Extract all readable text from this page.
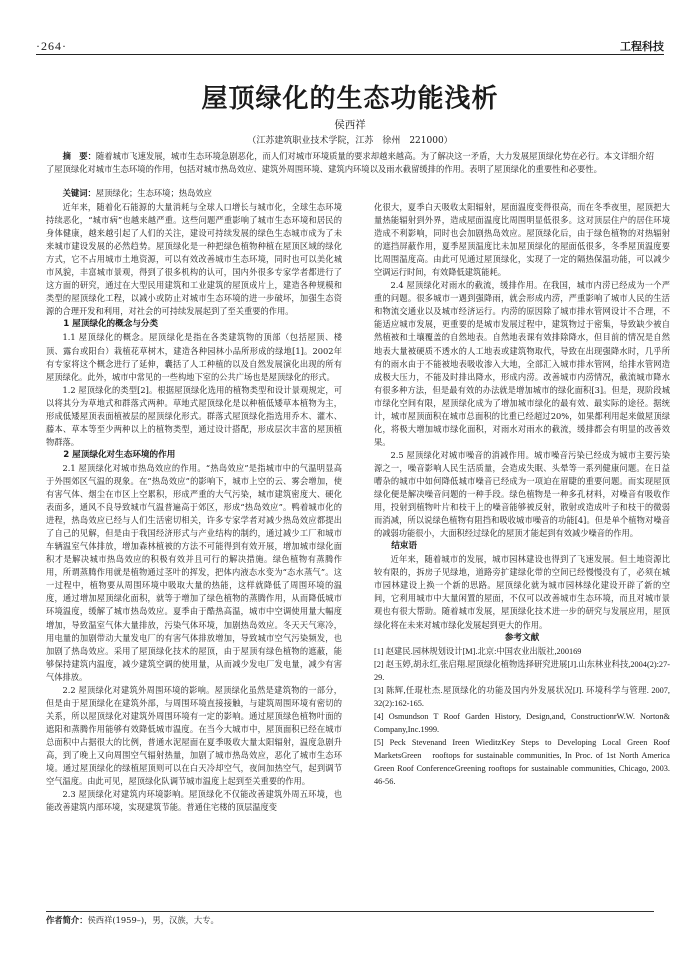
·264·	工程科技
屋顶绿化的生态功能浅析
侯西祥
（江苏建筑职业技术学院，江苏　徐州　221000）
摘　要：随着城市飞速发展，城市生态环境急剧恶化，而人们对城市环境质量的要求却越来越高。为了解决这一矛盾，大力发展屋顶绿化势在必行。本文详细介绍了屋顶绿化对城市生态环境的作用，包括对城市热岛效应、建筑外周围环境、建筑内环境以及雨水截留缓排的作用。表明了屋顶绿化的重要性和必要性。
关键词：屋顶绿化；生态环境；热岛效应

近年来，随着化石能源的大量消耗与全球人口增长与城市化，全球生态环境持续恶化，“城市病”也越来越严重。这些问题严重影响了城市生态环境和居民的身体健康，越来越引起了人们的关注，建设可持续发展的绿色生态城市成为了未来城市建设发展的必然趋势。屋顶绿化是一种把绿色植物种植在屋顶区域的绿化方式，它不占用城市土地资源，可以有效改善城市生态环境，同时也可以美化城市风貌，丰富城市景观，得到了很多机构的认可，国内外很多专家学者都进行了这方面的研究，通过在大型民用建筑和工业建筑的屋顶成片上，建造各种规模和类型的屋顶绿化工程，以减小或防止对城市生态环境的进一步破坏，加强生态资源的合理开发和利用，对社会的可持续发展起到了至关重要的作用。

1 屋顶绿化的概念与分类

1.1 屋顶绿化的概念。屋顶绿化是指在各类建筑物的顶部（包括屋顶、楼顶、露台或阳台）栽植花草树木，建造各种园林小品所形成的绿地[1]。2002年有专家将这个概念进行了延伸，囊括了人工种植的以及自然发展演化出现的所有屋顶绿化。此外，城市中常见的一些构地下室的公共广场也是屋顶绿化的形式。

1.2 屋顶绿化的类型[2]。根据屋顶绿化选用的植物类型和设计景观规定，可以将其分为草地式和群落式两种。草地式屋顶绿化是以种植低矮草本植物为主，形成低矮屋顶表面植被层的屋顶绿化形式。群落式屋顶绿化指选用乔木、灌木、藤本、草本等至少两种以上的植物类型，通过设计搭配，形成层次丰富的屋顶植物群落。

2 屋顶绿化对生态环境的作用

2.1 屋顶绿化对城市热岛效应的作用。“热岛效应”是指城市中的气温明显高于外围郊区气温的现象。在“热岛效应”的影响下，城市上空的云、雾会增加，使有害气体、烟尘在市区上空累积，形成严重的大气污染，城市建筑密度大、硬化表面多，通风不良导致城市气温普遍高于郊区，形成“热岛效应”。鸭着城市化的进程，热岛效应已经与人们生活密切相关，许多专家学者对减少热岛效应都提出了自己的见解，但是由于我国经济形式与产业结构的制约，通过减少工厂和城市车辆温室气体排放，增加森林植被的方法不可能得到有效开展，增加城市绿化面积才是解决城市热岛效应的积极有效并且可行的解决措施。绿色植物有蒸腾作用，所谓蒸腾作用就是植物通过茎叶的挥发，把体内液态水变为“态水蒸气”。这一过程中，植物要从周围环境中吸取大量的热能，这样就降低了周围环境的温度，通过增加屋顶绿化面积，就等于增加了绿色植物的蒸腾作用，从而降低城市环境温度，缓解了城市热岛效应。夏季由于酷热高温，城市中空调使用量大幅度增加，导致温室气体大量排放，污染气体环境，加剧热岛效应。冬天天气寒冷，用电量的加剧带动大量发电厂的有害气体排放增加，导致城市空气污染频发，也加剧了热岛效应。采用了屋顶绿化技术的屋顶，由于屋顶有绿色植物的遮蔽，能够保持建筑内温度，减少建筑空调的使用量，从而减少发电厂发电量，减少有害气体排放。

2.2 屋顶绿化对建筑外周围环境的影响。屋顶绿化虽然是建筑物的一部分，但是由于屋顶绿化在建筑外部，与周围环境直接接触，与建筑周围环境有密切的关系，所以屋顶绿化对建筑外周围环境有一定的影响。通过屋顶绿色植物叶面的遮阳和蒸腾作用能够有效降低城市温度。在当今大城市中，屋顶面积已经在城市总面积中占据很大的比例，普通水泥屋面在夏季吸收大量太阳辐射，温度急剧升高，到了晚上又向周围空气辐射热量，加剧了城市热岛效应，恶化了城市生态环境。通过屋顶绿化的绿植屋顶则可以在白天冷却空气，夜间加热空气，起到调节空气温度。由此可见，屋顶绿化队调节城市温度上起到至关重要的作用。

2.3 屋顶绿化对建筑内环境影响。屋顶绿化不仅能改善建筑外周五环境，也能改善建筑内部环境，实现建筑节能。普通住宅楼的顶层温度变

化很大，夏季白天吸收太阳辐射，屋面温度变得很高，而在冬季夜里，屋顶把大量热能辐射到外界，造成屋面温度比周围明显低很多。这对顶层住户的居住环境造成不利影响，同时也会加剧热岛效应。屋顶绿化后，由于绿色植物的对热辐射的遮挡屏蔽作用，夏季屋顶温度比未加屋顶绿化的屋面低很多，冬季屋顶温度要比周围温度高。由此可见通过屋顶绿化，实现了一定的隔热保温功能，可以减少空调运行时间，有效降低建筑能耗。

2.4 屋顶绿化对雨水的截流，缓排作用。在我国，城市内涝已经成为一个严重的问题。很多城市一遇到强降雨，就会形成内涝，严重影响了城市人民的生活和物流交通业以及城市经济运行。内涝的原因除了城市排水管网设计不合理，不能适应城市发展，更重要的是城市发展过程中，建筑物过于密集，导致缺少被自然植被和土壤覆盖的自然地表。自然地表课有效排除降水，但目前的情况是自然地表大量被硬质不透水的人工地表或建筑物取代，导致在出现强降水时，几乎所有的雨水由于不能被地表吸收渗入大地，全部汇入城市排水管网，给排水管网造成极大压力，不能及时排出降水，形成内涝。改善城市内涝情况，截流城市降水有很多种方法，但是最有效的办法就是增加城市的绿化面积[3]。但是，现阶段城市绿化空间有限，屋顶绿化成为了增加城市绿化的最有效、最实际的途径。据统计，城市屋顶面积在城市总面积的比重已经超过20%，如果都利用起来做屋顶绿化，将极大增加城市绿化面积，对雨水对雨水的截流，缓排都会有明显的改善效果。

2.5 屋顶绿化对城市噪音的消减作用。城市噪音污染已经成为城市主要污染源之一，噪音影响人民生活质量，会造成失眠、头晕等一系列健康问题。在日益嘈杂的城市中如何降低城市噪音已经成为一项迫在眉睫的重要问题。而实现屋顶绿化便是解决噪音问题的一种手段。绿色植物是一种多孔材料，对噪音有吸收作用，投射到植物叶片和枝干上的噪音能够被反射，散射或造成叶子和枝干的微弱而消减，所以说绿色植物有阻挡和吸收城市噪音的功能[4]。但是单个植物对噪音的减弱功能很小，大面积经过绿化的屋顶才能起到有效减少噪音的作用。

结束语

近年来，随着城市的发展，城市园林建设也得到了飞速发展。但土地资源比较有限的，拆房子见绿地，道路旁扩建绿化带的空间已经慢慢没有了，必须在城市园林建设上换一个新的思路。屋顶绿化就为城市园林绿化建设开辟了新的空间，它利用城市中大量闲置的屋面，不仅可以改善城市生态环境，而且对城市景观也有很大帮助。随着城市发展，屋顶绿化技术进一步的研究与发展应用，屋顶绿化将在未来对城市绿化发展起到更大的作用。

参考文献

[1] 赵建民.园林规划设计[M].北京:中国农业出版社,200169

[2] 赵玉婷,胡永红,张启翔.屋顶绿化植物选择研究进展[J].山东林业科技,2004(2):27-29.

[3] 陈辉,任琨杜杰.屋顶绿化的功能及国内外发展状况[J]. 环境科学与管理. 2007, 32(2):162-165.

[4] Osmundson T Roof Garden History, Design,and, ConstructionrW.W. Norton& Company,Inc.1999.

[5] Peck Stevenand Ireen WieditzKey Steps to Developing Local Green Roof MarketsGreen　rooftops for sustainable communities, In Proc. of 1st North America Green Roof ConferenceGreening rooftops for sustainable communities, Chicago, 2003. 46-56.

作者简介：侯西祥(1959–)，男，汉族，大专。
